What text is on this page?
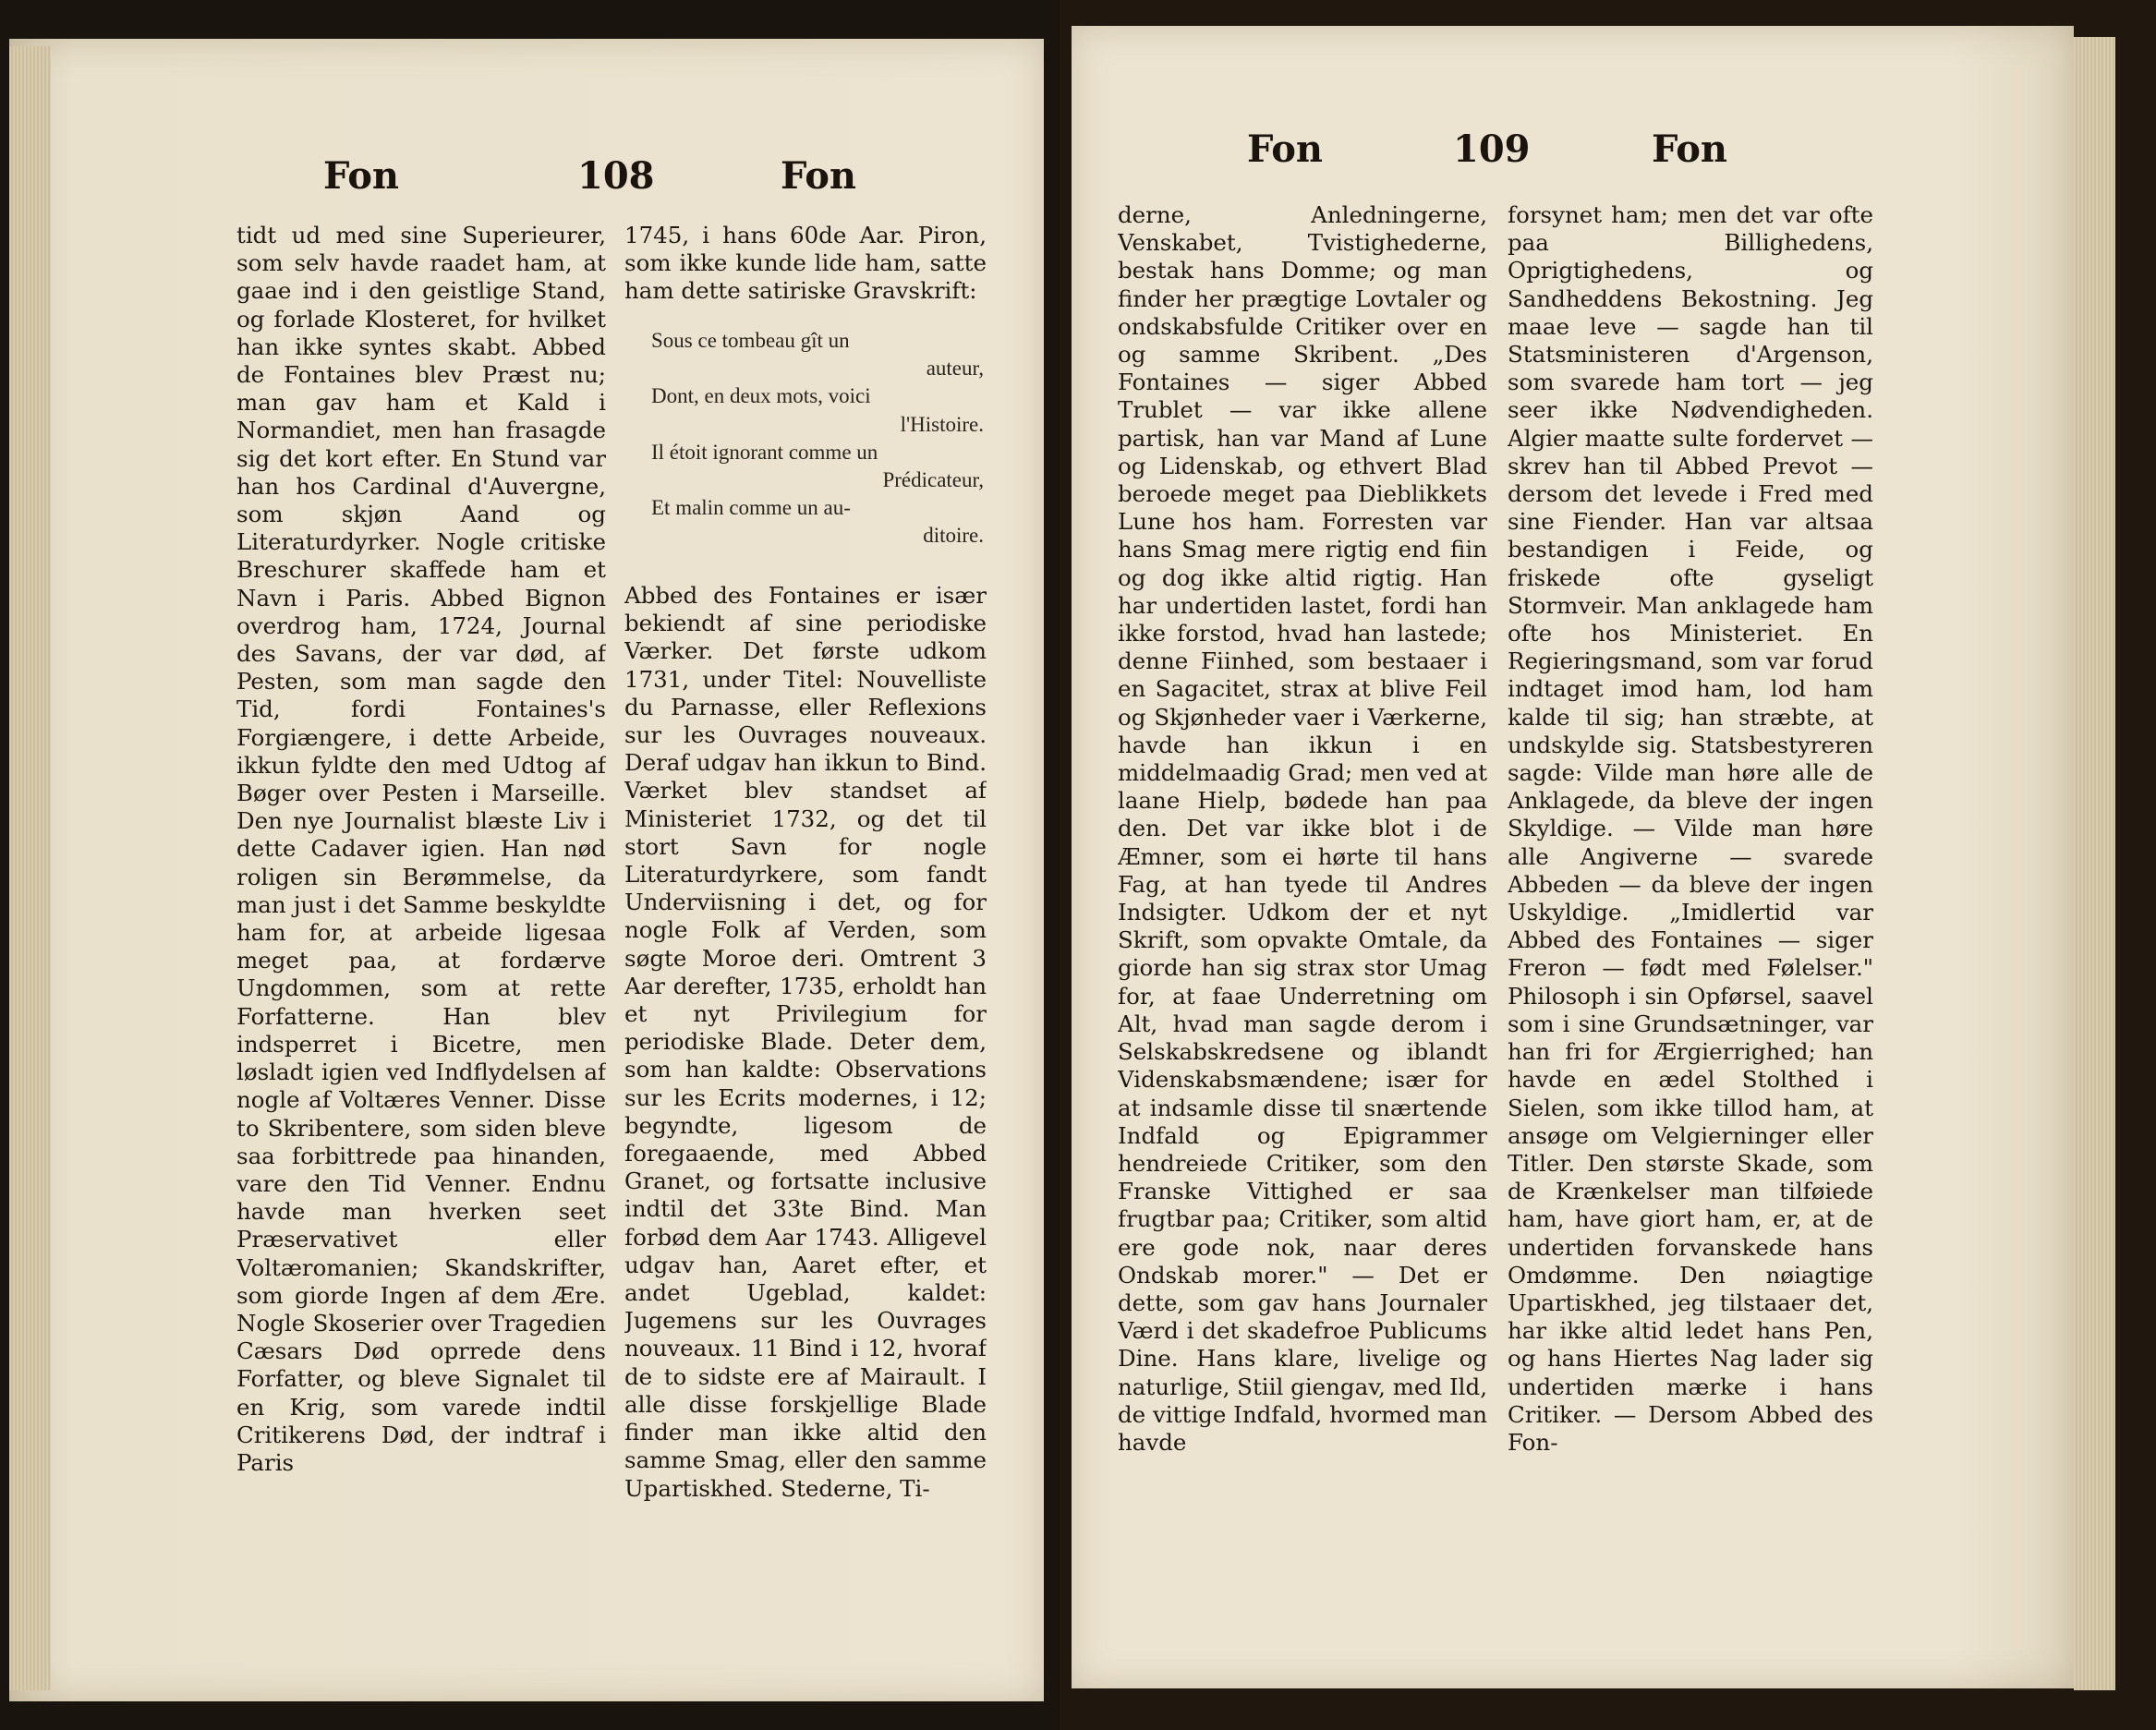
Fon	108	Fon

tidt ud med sine Superieurer, som selv havde raadet ham, at gaae ind i den geistlige Stand, og forlade Klosteret, for hvilket han ikke syntes skabt. Abbed de Fontaines blev Præst nu; man gav ham et Kald i Normandiet, men han frasagde sig det kort efter. En Stund var han hos Cardinal d'Auvergne, som skjøn Aand og Literaturdyrker. Nogle critiske Breschurer skaffede ham et Navn i Paris. Abbed Bignon overdrog ham, 1724, Journal des Savans, der var død, af Pesten, som man sagde den Tid, fordi Fontaines's Forgiængere, i dette Arbeide, ikkun fyldte den med Udtog af Bøger over Pesten i Marseille. Den nye Journalist blæste Liv i dette Cadaver igien. Han nød roligen sin Berømmelse, da man just i det Samme beskyldte ham for, at arbeide ligesaa meget paa, at fordærve Ungdommen, som at rette Forfatterne. Han blev indsperret i Bicetre, men løsladt igien ved Indflydelsen af nogle af Voltæres Venner. Disse to Skribentere, som siden bleve saa forbittrede paa hinanden, vare den Tid Venner. Endnu havde man hverken seet Præservativet eller Voltæromanien; Skandskrifter, som giorde Ingen af dem Ære. Nogle Skoserier over Tragedien Cæsars Død oprrede dens Forfatter, og bleve Signalet til en Krig, som varede indtil Critikerens Død, der indtraf i Paris

1745, i hans 60de Aar. Piron, som ikke kunde lide ham, satte ham dette satiriske Gravskrift:

Sous ce tombeau gît un
auteur,
Dont, en deux mots, voici
l'Histoire.
Il étoit ignorant comme un
Prédicateur,
Et malin comme un au-
ditoire.

Abbed des Fontaines er især bekiendt af sine periodiske Værker. Det første udkom 1731, under Titel: Nouvelliste du Parnasse, eller Reflexions sur les Ouvrages nouveaux. Deraf udgav han ikkun to Bind. Værket blev standset af Ministeriet 1732, og det til stort Savn for nogle Literaturdyrkere, som fandt Underviisning i det, og for nogle Folk af Verden, som søgte Moroe deri. Omtrent 3 Aar derefter, 1735, erholdt han et nyt Privilegium for periodiske Blade. Deter dem, som han kaldte: Observations sur les Ecrits modernes, i 12; begyndte, ligesom de foregaaende, med Abbed Granet, og fortsatte inclusive indtil det 33te Bind. Man forbød dem Aar 1743. Alligevel udgav han, Aaret efter, et andet Ugeblad, kaldet: Jugemens sur les Ouvrages nouveaux. 11 Bind i 12, hvoraf de to sidste ere af Mairault. I alle disse forskjellige Blade finder man ikke altid den samme Smag, eller den samme Upartiskhed. Stederne, Ti-

Fon	109	Fon

derne, Anledningerne, Venskabet, Tvistighederne, bestak hans Domme; og man finder her prægtige Lovtaler og ondskabsfulde Critiker over en og samme Skribent. „Des Fontaines — siger Abbed Trublet — var ikke allene partisk, han var Mand af Lune og Lidenskab, og ethvert Blad beroede meget paa Dieblikkets Lune hos ham. Forresten var hans Smag mere rigtig end fiin og dog ikke altid rigtig. Han har undertiden lastet, fordi han ikke forstod, hvad han lastede; denne Fiinhed, som bestaaer i en Sagacitet, strax at blive Feil og Skjønheder vaer i Værkerne, havde han ikkun i en middelmaadig Grad; men ved at laane Hielp, bødede han paa den. Det var ikke blot i de Æmner, som ei hørte til hans Fag, at han tyede til Andres Indsigter. Udkom der et nyt Skrift, som opvakte Omtale, da giorde han sig strax stor Umag for, at faae Underretning om Alt, hvad man sagde derom i Selskabskredsene og iblandt Videnskabsmændene; især for at indsamle disse til snærtende Indfald og Epigrammer hendreiede Critiker, som den Franske Vittighed er saa frugtbar paa; Critiker, som altid ere gode nok, naar deres Ondskab morer." — Det er dette, som gav hans Journaler Værd i det skadefroe Publicums Dine. Hans klare, livelige og naturlige, Stiil giengav, med Ild, de vittige Indfald, hvormed man havde

forsynet ham; men det var ofte paa Billighedens, Oprigtighedens, og Sandheddens Bekostning. Jeg maae leve — sagde han til Statsministeren d'Argenson, som svarede ham tort — jeg seer ikke Nødvendigheden. Algier maatte sulte fordervet — skrev han til Abbed Prevot — dersom det levede i Fred med sine Fiender. Han var altsaa bestandigen i Feide, og friskede ofte gyseligt Stormveir. Man anklagede ham ofte hos Ministeriet. En Regieringsmand, som var forud indtaget imod ham, lod ham kalde til sig; han stræbte, at undskylde sig. Statsbestyreren sagde: Vilde man høre alle de Anklagede, da bleve der ingen Skyldige. — Vilde man høre alle Angiverne — svarede Abbeden — da bleve der ingen Uskyldige. „Imidlertid var Abbed des Fontaines — siger Freron — født med Følelser." Philosoph i sin Opførsel, saavel som i sine Grundsætninger, var han fri for Ærgierrighed; han havde en ædel Stolthed i Sielen, som ikke tillod ham, at ansøge om Velgierninger eller Titler. Den største Skade, som de Krænkelser man tilføiede ham, have giort ham, er, at de undertiden forvanskede hans Omdømme. Den nøiagtige Upartiskhed, jeg tilstaaer det, har ikke altid ledet hans Pen, og hans Hiertes Nag lader sig undertiden mærke i hans Critiker. — Dersom Abbed des Fon-
